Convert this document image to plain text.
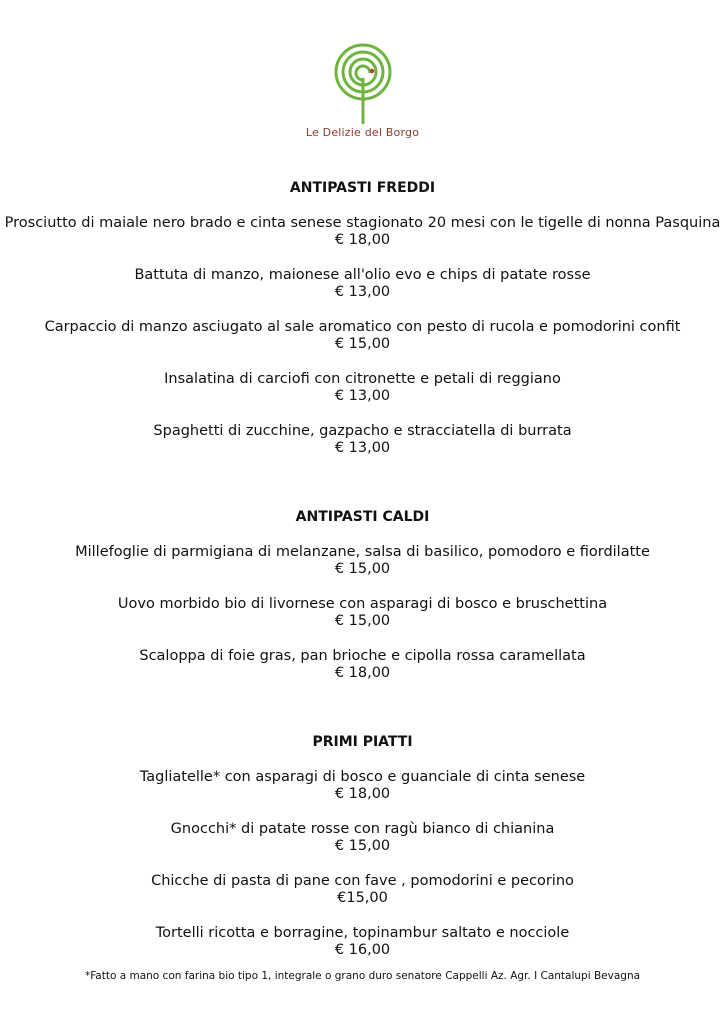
Le Delizie del Borgo
ANTIPASTI FREDDI
Prosciutto di maiale nero brado e cinta senese stagionato 20 mesi con le tigelle di nonna Pasquina
€ 18,00
Battuta di manzo, maionese all'olio evo e chips di patate rosse
€ 13,00
Carpaccio di manzo asciugato al sale aromatico con pesto di rucola e pomodorini confit
€ 15,00
Insalatina di carciofi con citronette e petali di reggiano
€ 13,00
Spaghetti di zucchine, gazpacho e stracciatella di burrata
€ 13,00
ANTIPASTI CALDI
Millefoglie di parmigiana di melanzane, salsa di basilico, pomodoro e fiordilatte
€ 15,00
Uovo morbido bio di livornese con asparagi di bosco e bruschettina
€ 15,00
Scaloppa di foie gras, pan brioche e cipolla rossa caramellata
€ 18,00
PRIMI PIATTI
Tagliatelle* con asparagi di bosco e guanciale di cinta senese
€ 18,00
Gnocchi* di patate rosse con ragù bianco di chianina
€ 15,00
Chicche di pasta di pane con fave , pomodorini e pecorino
€15,00
Tortelli ricotta e borragine, topinambur saltato e nocciole
€ 16,00
*Fatto a mano con farina bio tipo 1, integrale o grano duro senatore Cappelli Az. Agr. I Cantalupi Bevagna
